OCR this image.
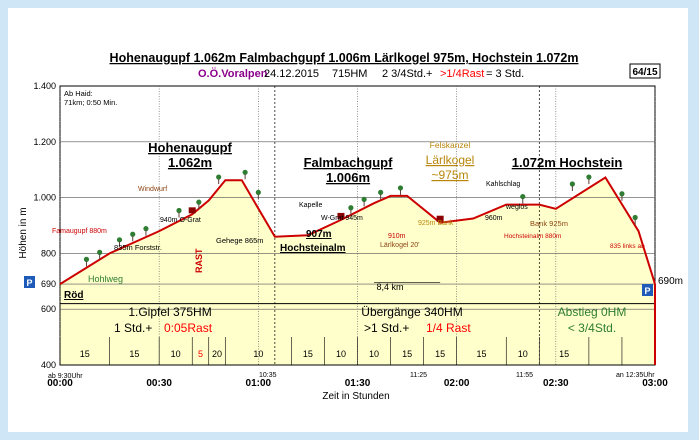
Hohenaugupf 1.062m Falmbachgupf 1.006m Lärlkogel 975m, Hochstein 1.072m
O.Ö.Voralpen
24.12.2015 715HM 2 3/4Std.+ >1/4Rast = 3 Std.	64/15
400
600
690
800
1.000
1.200
1.400
00:00	00:30	01:00	01:30	02:00	02:30	03:00
15	15	10 5 20	10	15	10	10	15	15	15	10	15
Höhen in m
Zeit in Stunden
Ab Haid:
71km; 0:50 Min.
Hohenaugupf
1.062m	Falmbachgupf
1.006m
Felskanzel
Lärlkogel
~975m
1.072m Hochstein
Famaugupf 880m
835m Forststr.
Hohlweg
Röd
Windwurf
940m O-Grat
RAST
Gehege 865m
907m
Hochsteinalm
Kapelle
W-Grat 945m
910m
Lärlkogel 20'
925m Bank
Kahlschlag
weglos
960m
Bank 925m
Hochsteinalm 880m
835 links ab
690m
P
P
8,4 km
1.Gipfel 375HM
1 Std.+ 0:05Rast
Übergänge 340HM
>1 Std.+ 1/4 Rast
Abstieg 0HM
< 3/4Std.
ab 9:30Uhr	10:35	11:25	11:55	an 12:35Uhr
